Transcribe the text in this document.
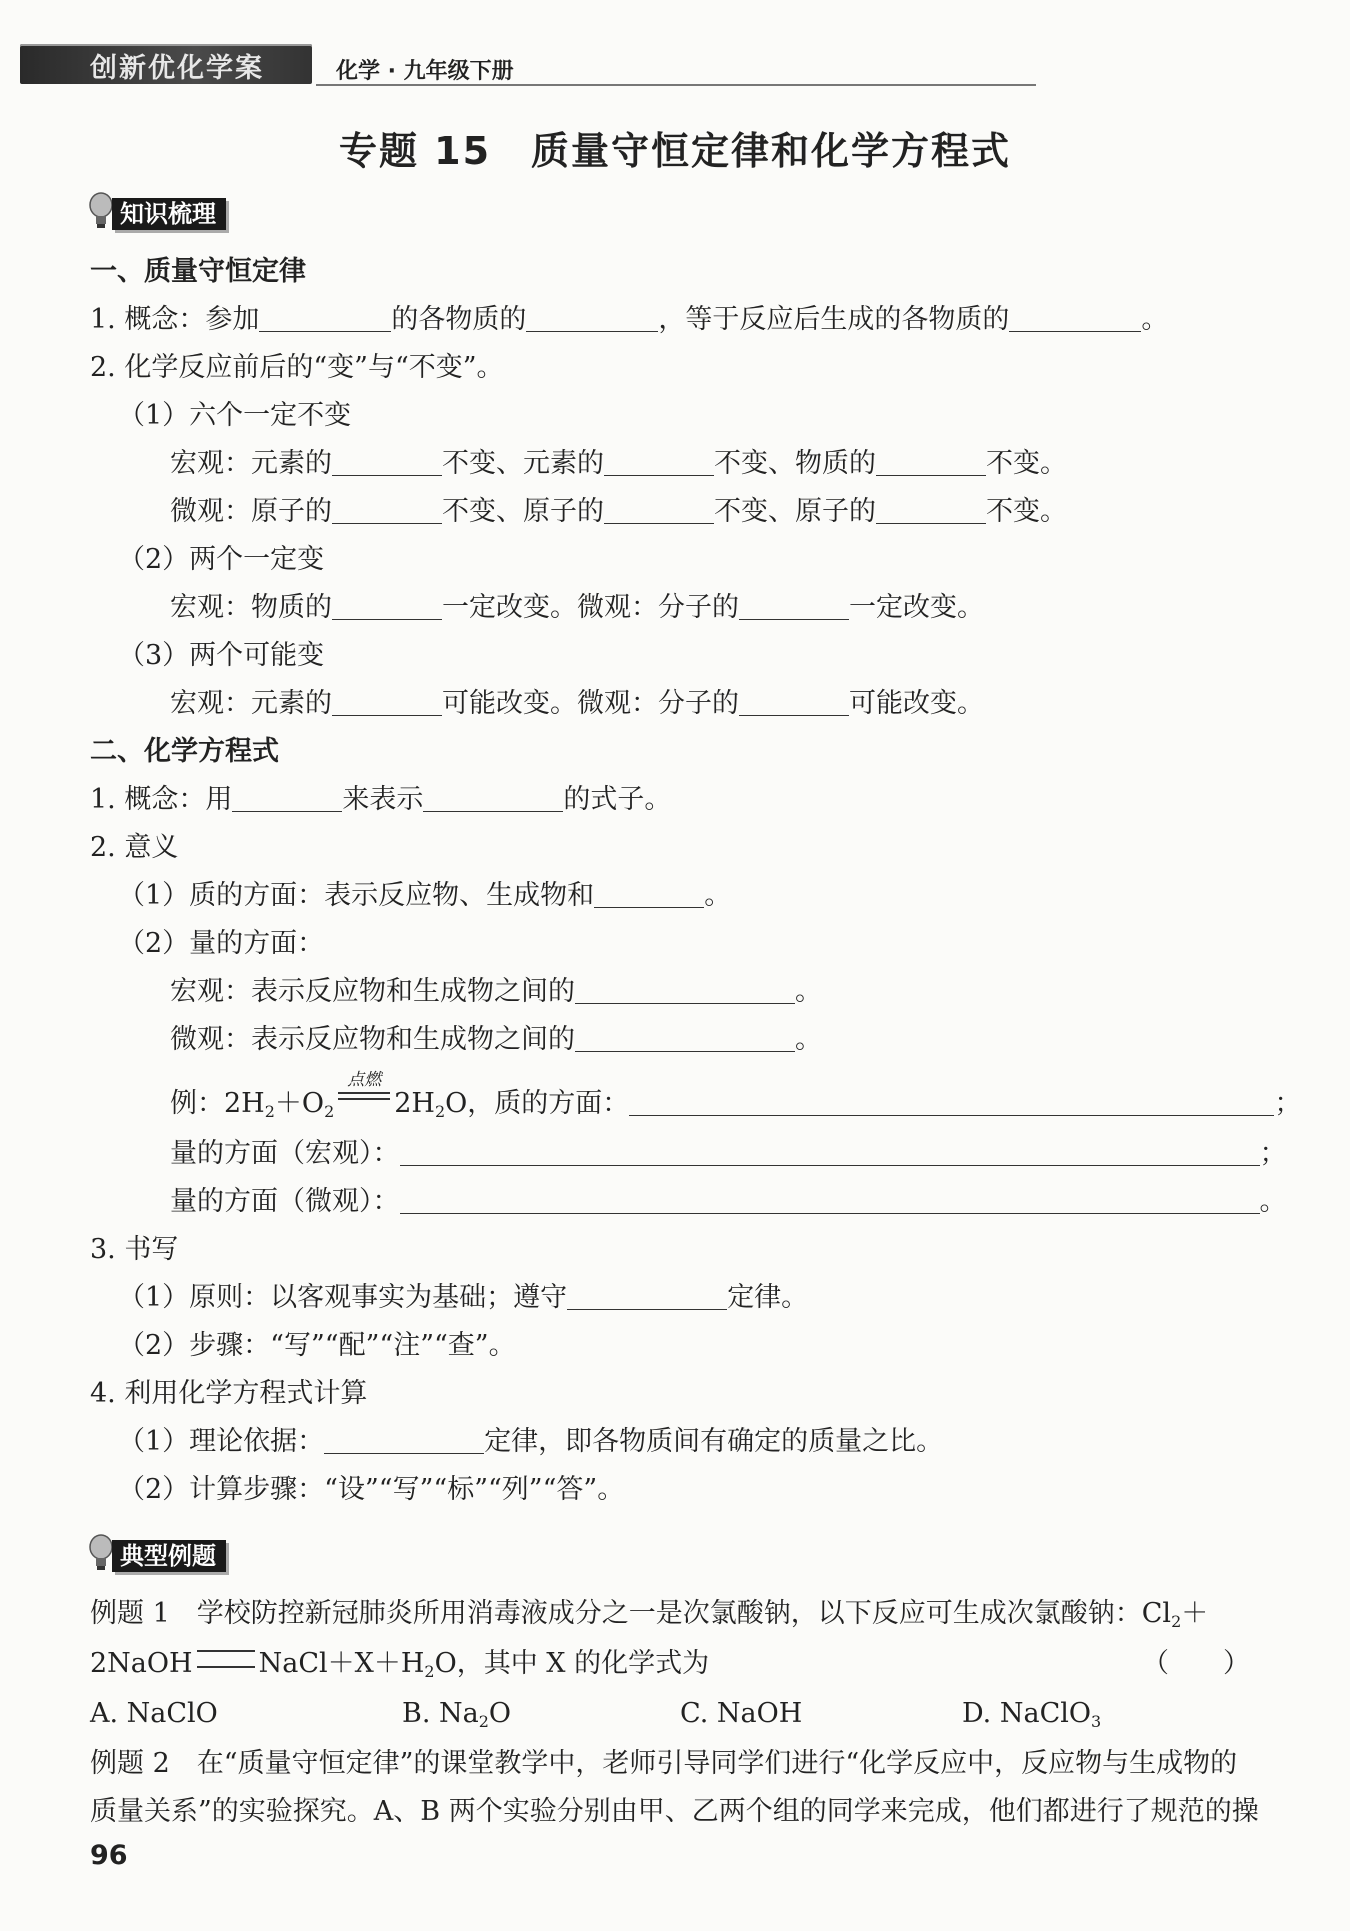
创新优化学案	化学 · 九年级下册
专题 15　质量守恒定律和化学方程式
知识梳理
一、质量守恒定律
1. 概念：参加	的各物质的	，等于反应后生成的各物质的	。
2. 化学反应前后的“变”与“不变”。
（1）六个一定不变
宏观：元素的	不变、元素的	不变、物质的	不变。
微观：原子的	不变、原子的	不变、原子的	不变。
（2）两个一定变
宏观：物质的	一定改变。微观：分子的	一定改变。
（3）两个可能变
宏观：元素的	可能改变。微观：分子的	可能改变。
二、化学方程式
1. 概念：用	来表示	的式子。
2. 意义
（1）质的方面：表示反应物、生成物和	。
（2）量的方面：
宏观：表示反应物和生成物之间的	。
微观：表示反应物和生成物之间的	。
例：$2H_2+O_2$
点燃
$2H_2O$，质的方面：	；
量的方面（宏观）：	；
量的方面（微观）：	。
3. 书写
（1）原则：以客观事实为基础；遵守	定律。
（2）步骤：“写”“配”“注”“查”。
4. 利用化学方程式计算
（1）理论依据：	定律，即各物质间有确定的质量之比。
（2）计算步骤：“设”“写”“标”“列”“答”。
典型例题
例题 1　学校防控新冠肺炎所用消毒液成分之一是次氯酸钠，以下反应可生成次氯酸钠：$Cl_2+$
2NaOH $NaCl+X+H_2O$，其中 X 的化学式为	（　　）
A. NaClO	B. $Na_2O$	C. NaOH	D. NaClO$_3$
例题 2　在“质量守恒定律”的课堂教学中，老师引导同学们进行“化学反应中，反应物与生成物的
质量关系”的实验探究。A、B 两个实验分别由甲、乙两个组的同学来完成，他们都进行了规范的操
96
